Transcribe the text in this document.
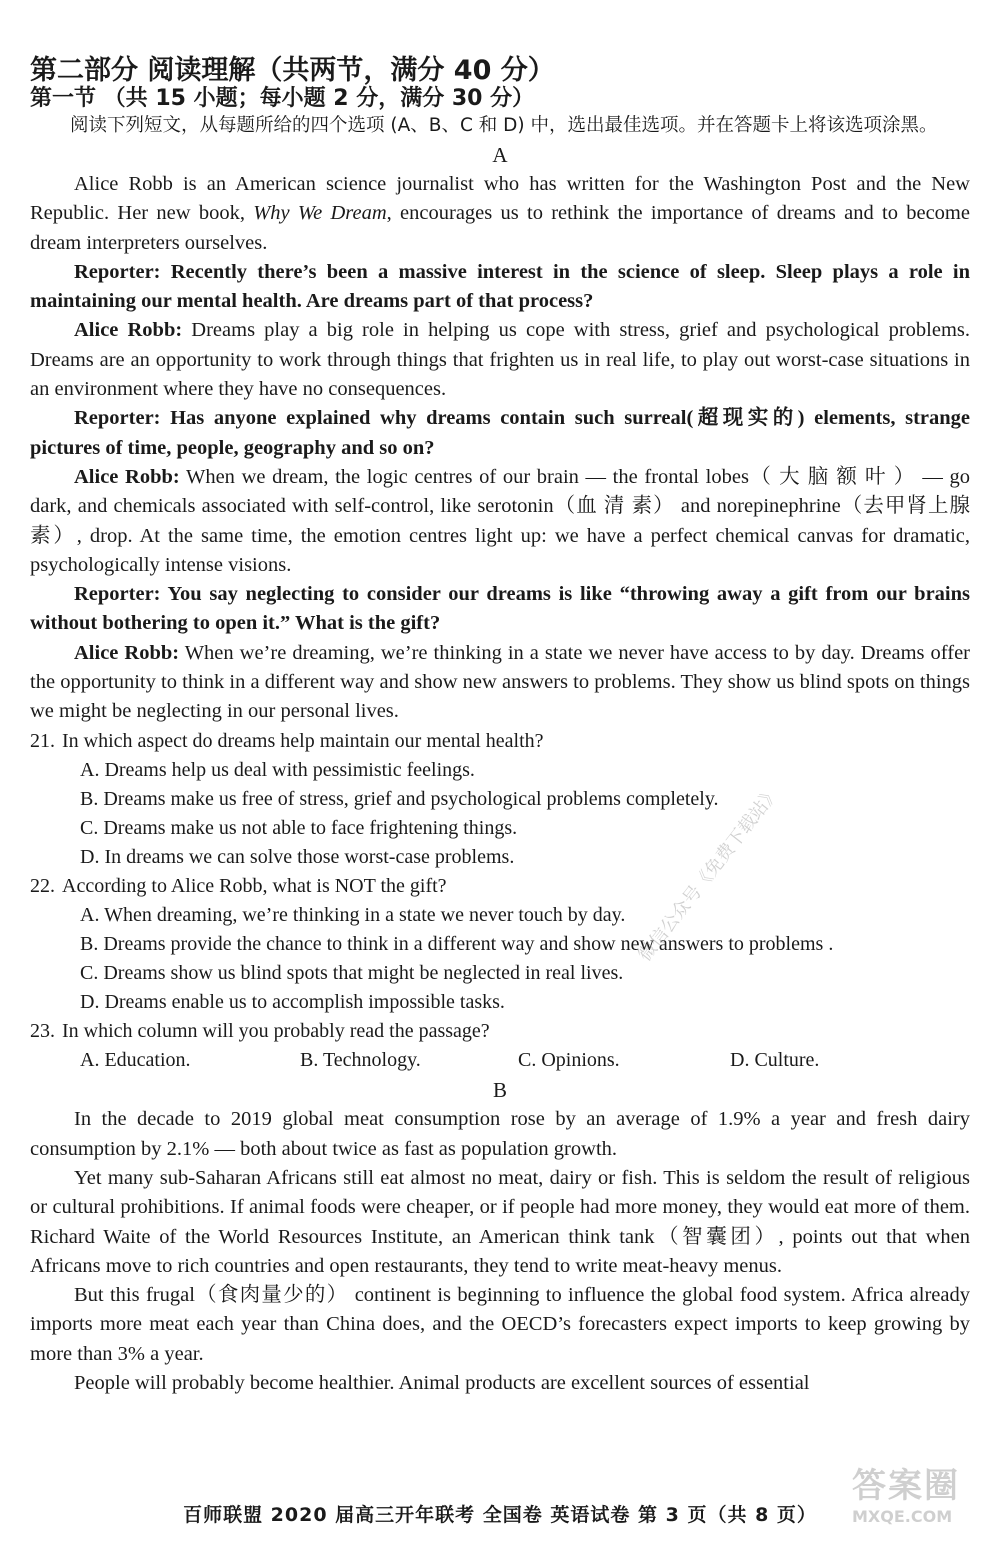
第二部分 阅读理解（共两节，满分 40 分）
第一节 （共 15 小题；每小题 2 分，满分 30 分）
阅读下列短文，从每题所给的四个选项 (A、B、C 和 D) 中，选出最佳选项。并在答题卡上将该选项涂黑。
A

Alice Robb is an American science journalist who has written for the Washington Post and the New Republic. Her new book, Why We Dream, encourages us to rethink the importance of dreams and to become dream interpreters ourselves.

Reporter: Recently there’s been a massive interest in the science of sleep. Sleep plays a role in maintaining our mental health. Are dreams part of that process?

Alice Robb: Dreams play a big role in helping us cope with stress, grief and psychological problems. Dreams are an opportunity to work through things that frighten us in real life, to play out worst-case situations in an environment where they have no consequences.

Reporter: Has anyone explained why dreams contain such surreal(超现实的) elements, strange pictures of time, people, geography and so on?

Alice Robb: When we dream, the logic centres of our brain — the frontal lobes（ 大 脑 额 叶 ） — go dark, and chemicals associated with self-control, like serotonin（血 清 素） and norepinephrine（去甲肾上腺素）, drop. At the same time, the emotion centres light up: we have a perfect chemical canvas for dramatic, psychologically intense visions.

Reporter: You say neglecting to consider our dreams is like “throwing away a gift from our brains without bothering to open it.” What is the gift?

Alice Robb: When we’re dreaming, we’re thinking in a state we never have access to by day. Dreams offer the opportunity to think in a different way and show new answers to problems. They show us blind spots on things we might be neglecting in our personal lives.

21. In which aspect do dreams help maintain our mental health?
A. Dreams help us deal with pessimistic feelings.
B. Dreams make us free of stress, grief and psychological problems completely.
C. Dreams make us not able to face frightening things.
D. In dreams we can solve those worst-case problems.
22. According to Alice Robb, what is NOT the gift?
A. When dreaming, we’re thinking in a state we never touch by day.
B. Dreams provide the chance to think in a different way and show new answers to problems .
C. Dreams show us blind spots that might be neglected in real lives.
D. Dreams enable us to accomplish impossible tasks.
23. In which column will you probably read the passage?
A. Education.	B. Technology.	C. Opinions.	D. Culture.
B

In the decade to 2019 global meat consumption rose by an average of 1.9% a year and fresh dairy consumption by 2.1% — both about twice as fast as population growth.

Yet many sub-Saharan Africans still eat almost no meat, dairy or fish. This is seldom the result of religious or cultural prohibitions. If animal foods were cheaper, or if people had more money, they would eat more of them. Richard Waite of the World Resources Institute, an American think tank（智囊团）, points out that when Africans move to rich countries and open restaurants, they tend to write meat-heavy menus.

But this frugal（食肉量少的） continent is beginning to influence the global food system. Africa already imports more meat each year than China does, and the OECD’s forecasters expect imports to keep growing by more than 3% a year.

People will probably become healthier. Animal products are excellent sources of essential

微信公众号《免费下载站》
百师联盟 2020 届高三开年联考 全国卷 英语试卷 第 3 页（共 8 页）
答案圈
MXQE.COM
